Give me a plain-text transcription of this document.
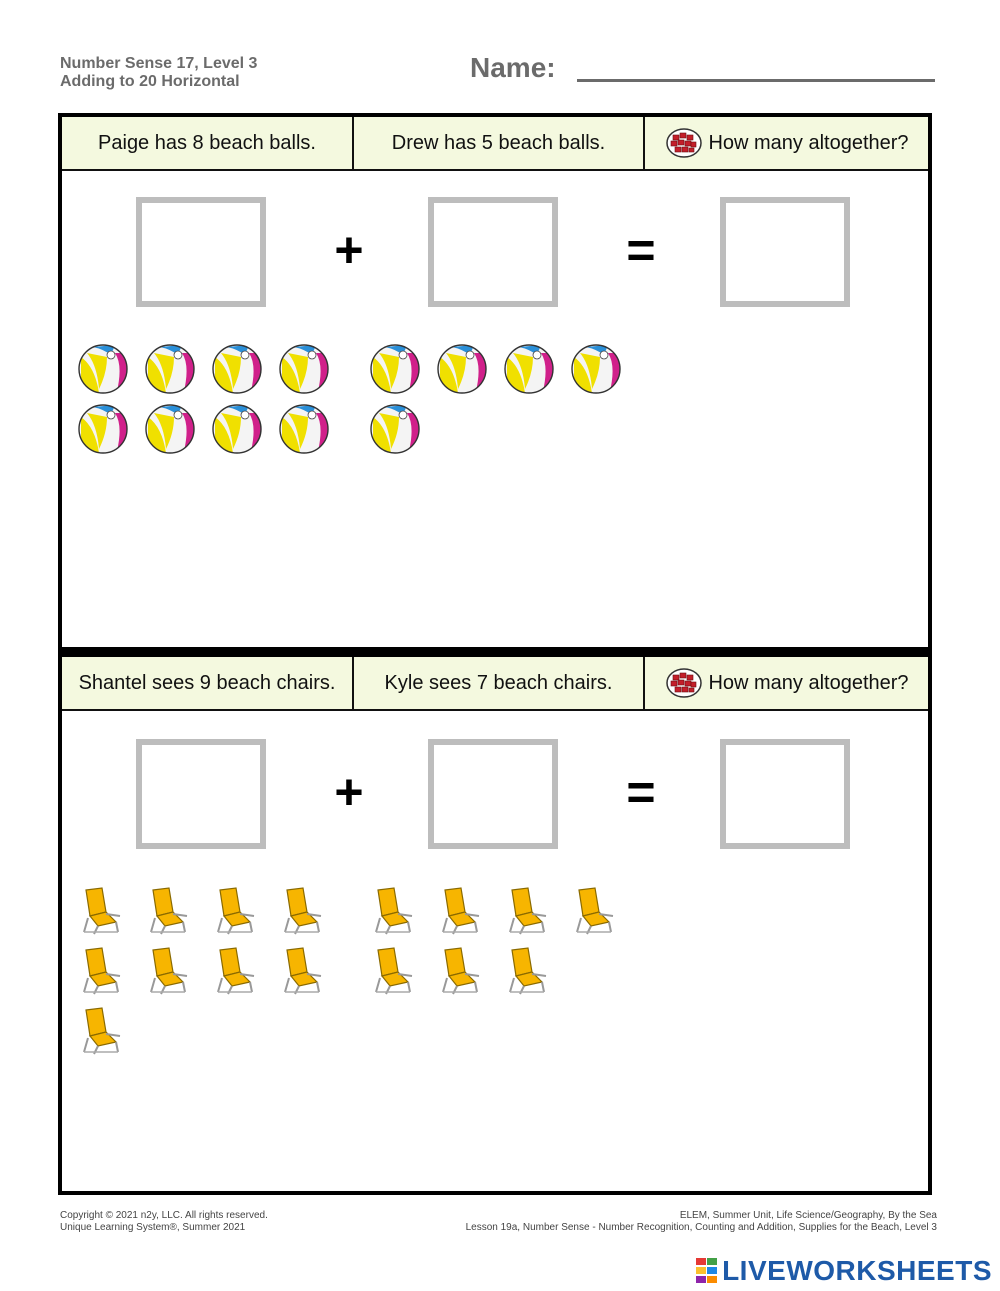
Number Sense 17, Level 3
Adding to 20 Horizontal	Name:
Paige has 8 beach balls.	Drew has 5 beach balls.	How many altogether?
+	=
Shantel sees 9 beach chairs.	Kyle sees 7 beach chairs.	How many altogether?
+	=
Copyright © 2021 n2y, LLC. All rights reserved.
Unique Learning System®, Summer 2021
ELEM, Summer Unit, Life Science/Geography, By the Sea
Lesson 19a, Number Sense - Number Recognition, Counting and Addition, Supplies for the Beach, Level 3
LIVEWORKSHEETS
